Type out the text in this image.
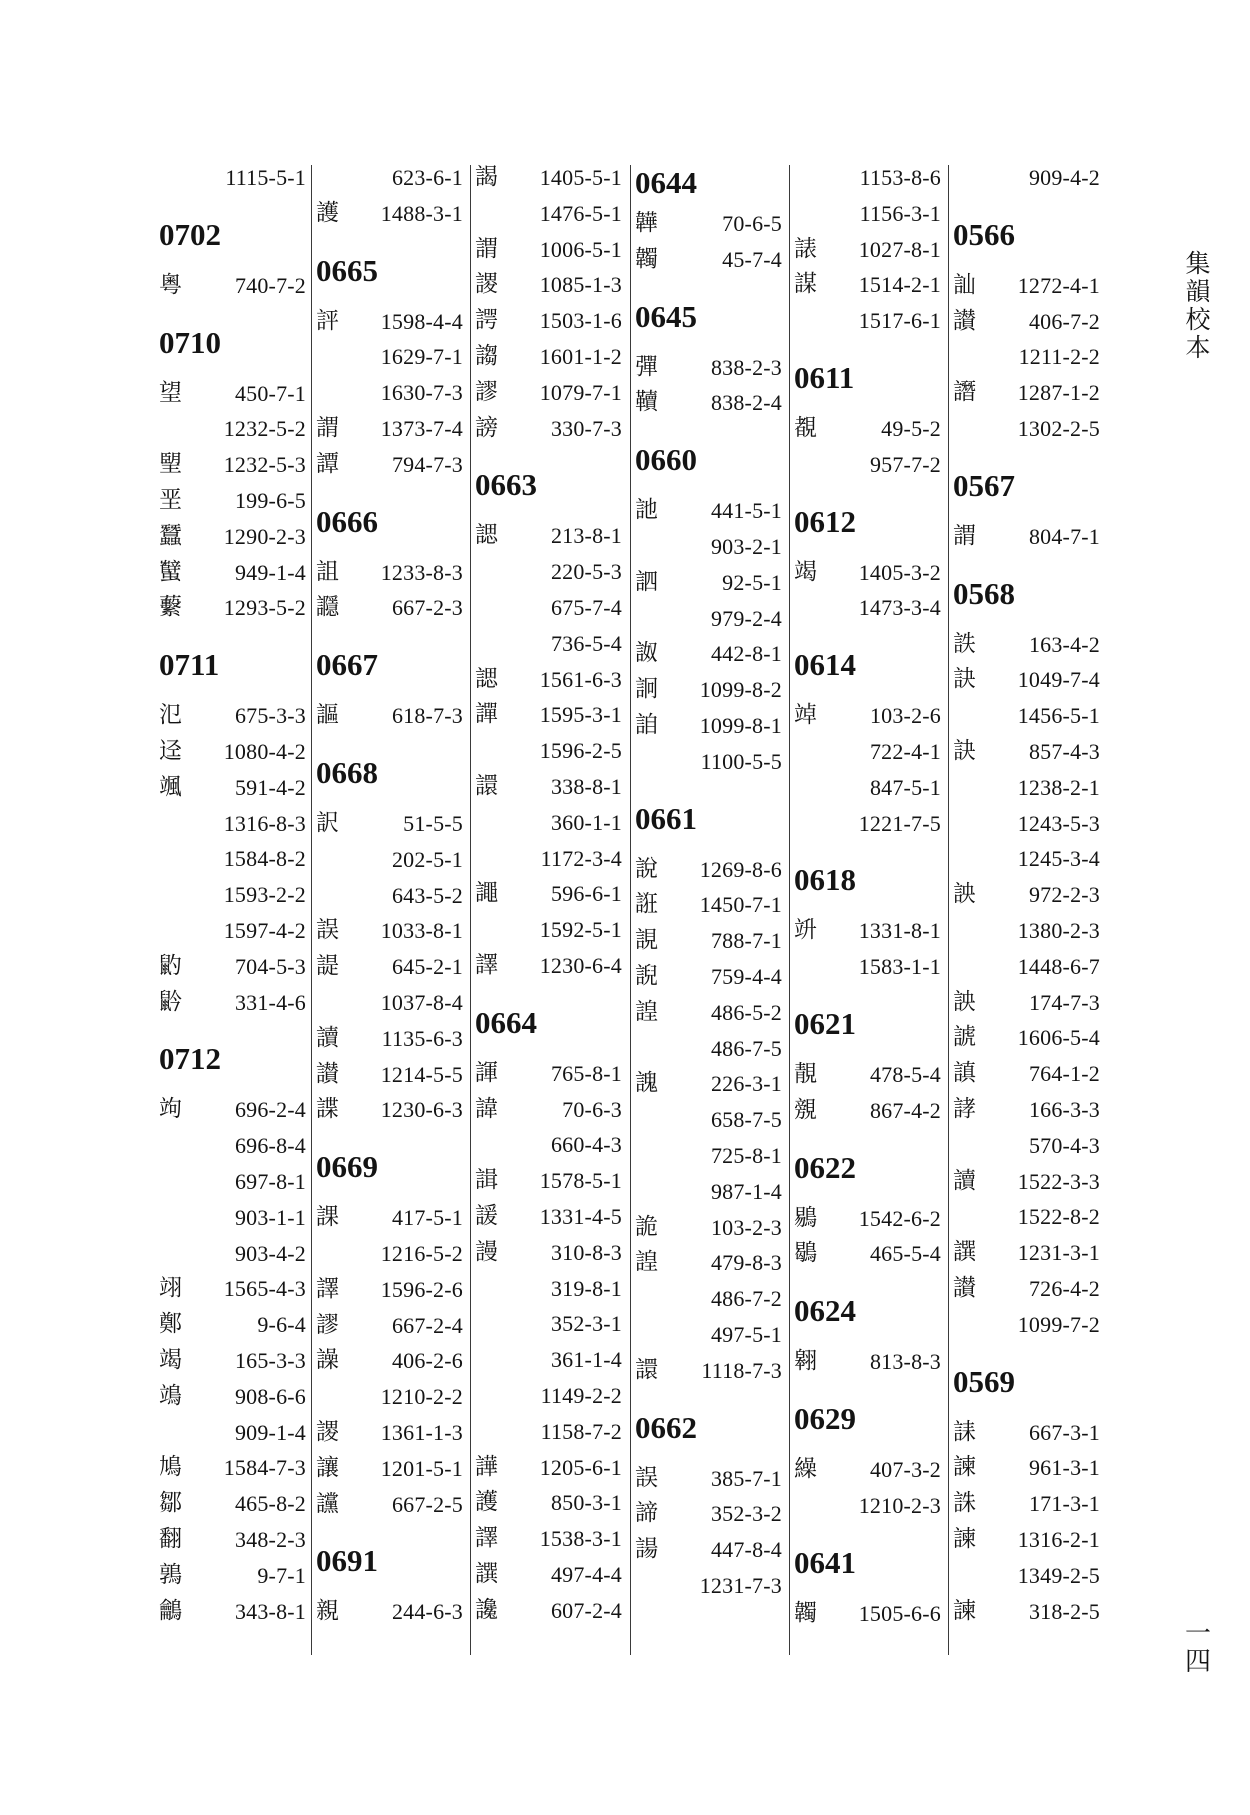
1115-5-1
0702
粵 740-7-2
0710
望 450-7-1
1232-5-2
朢 1232-5-3
垩 199-6-5
蠶 1290-2-3
蠥 949-1-4
蘻 1293-5-2
0711
氾 675-3-3
迳 1080-4-2
颯 591-4-2
1316-8-3
1584-8-2
1593-2-2
1597-4-2
䶂 704-5-3
䶃 331-4-6
0712
竘 696-2-4
696-8-4
697-8-1
903-1-1
903-4-2
翊 1565-4-3
鄭	9-6-4
竭 165-3-3
鴗 908-6-6
909-1-4
鳩 1584-7-3
鄒 465-8-2
翻 348-2-3
鶉	9-7-1
鸙 343-8-1
623-6-1
護 1488-3-1
0665
評 1598-4-4
1629-7-1
1630-7-3
謂 1373-7-4
譚 794-7-3
0666
詛 1233-8-3
讔 667-2-3
0667
謳 618-7-3
0668
訳	51-5-5
202-5-1
643-5-2
誤 1033-8-1
諟 645-2-1
1037-8-4
讀 1135-6-3
讃 1214-5-5
諜 1230-6-3
0669
課 417-5-1
1216-5-2
譯 1596-2-6
謬 667-2-4
譟 406-2-6
1210-2-2
謖 1361-1-3
讓 1201-5-1
讜 667-2-5
0691
親 244-6-3
謁 1405-5-1
1476-5-1
謂 1006-5-1
謖 1085-1-3
諤 1503-1-6
謅 1601-1-2
謬 1079-7-1
謗 330-7-3
0663
諰 213-8-1
220-5-3
675-7-4
736-5-4
諰 1561-6-3
譂 1595-3-1
1596-2-5
譞 338-8-1
360-1-1
1172-3-4
譝 596-6-1
1592-5-1
譯 1230-6-4
0664
諢 765-8-1
諱	70-6-3
660-4-3
諿 1578-5-1
諼 1331-4-5
謾 310-8-3
319-8-1
352-3-1
361-1-4
1149-2-2
1158-7-2
譁 1205-6-1
護 850-3-1
譯 1538-3-1
譔 497-4-4
讒 607-2-4
0644
韡	70-6-5
韣	45-7-4
0645
彈 838-2-3
韇 838-2-4
0660
訑 441-5-1
903-2-1
訵	92-5-1
979-2-4
詉 442-8-1
詗 1099-8-2
詯 1099-8-1
1100-5-5
0661
說 1269-8-6
誑 1450-7-1
誢 788-7-1
誽 759-4-4
諻 486-5-2
486-7-5
謉 226-3-1
658-7-5
725-8-1
987-1-4
詭 103-2-3
諻 479-8-3
486-7-2
497-5-1
譞 1118-7-3
0662
誤 385-7-1
諦 352-3-2
諹 447-8-4
1231-7-3
1153-8-6
1156-3-1
諘 1027-8-1
謀 1514-2-1
1517-6-1
0611
覩	49-5-2
957-7-2
0612
竭 1405-3-2
1473-3-4
0614
竨 103-2-6
722-4-1
847-5-1
1221-7-5
0618
竔 1331-8-1
1583-1-1
0621
靚 478-5-4
覫 867-4-2
0622
鶍 1542-6-2
鶡 465-5-4
0624
翱 813-8-3
0629
繰 407-3-2
1210-2-3
0641
韣 1505-6-6
909-4-2
0566
訕 1272-4-1
讃 406-7-2
1211-2-2
譖 1287-1-2
1302-2-5
0567
謂 804-7-1
0568
詄 163-4-2
訣 1049-7-4
1456-5-1
訣 857-4-3
1238-2-1
1243-5-3
1245-3-4
詇 972-2-3
1380-2-3
1448-6-7
詇 174-7-3
諕 1606-5-4
謓 764-1-2
誟 166-3-3
570-4-3
讀 1522-3-3
1522-8-2
譔 1231-3-1
讃 726-4-2
1099-7-2
0569
誄 667-3-1
諫 961-3-1
誅 171-3-1
諫 1316-2-1
1349-2-5
諫 318-2-5
集韻校本
一四
